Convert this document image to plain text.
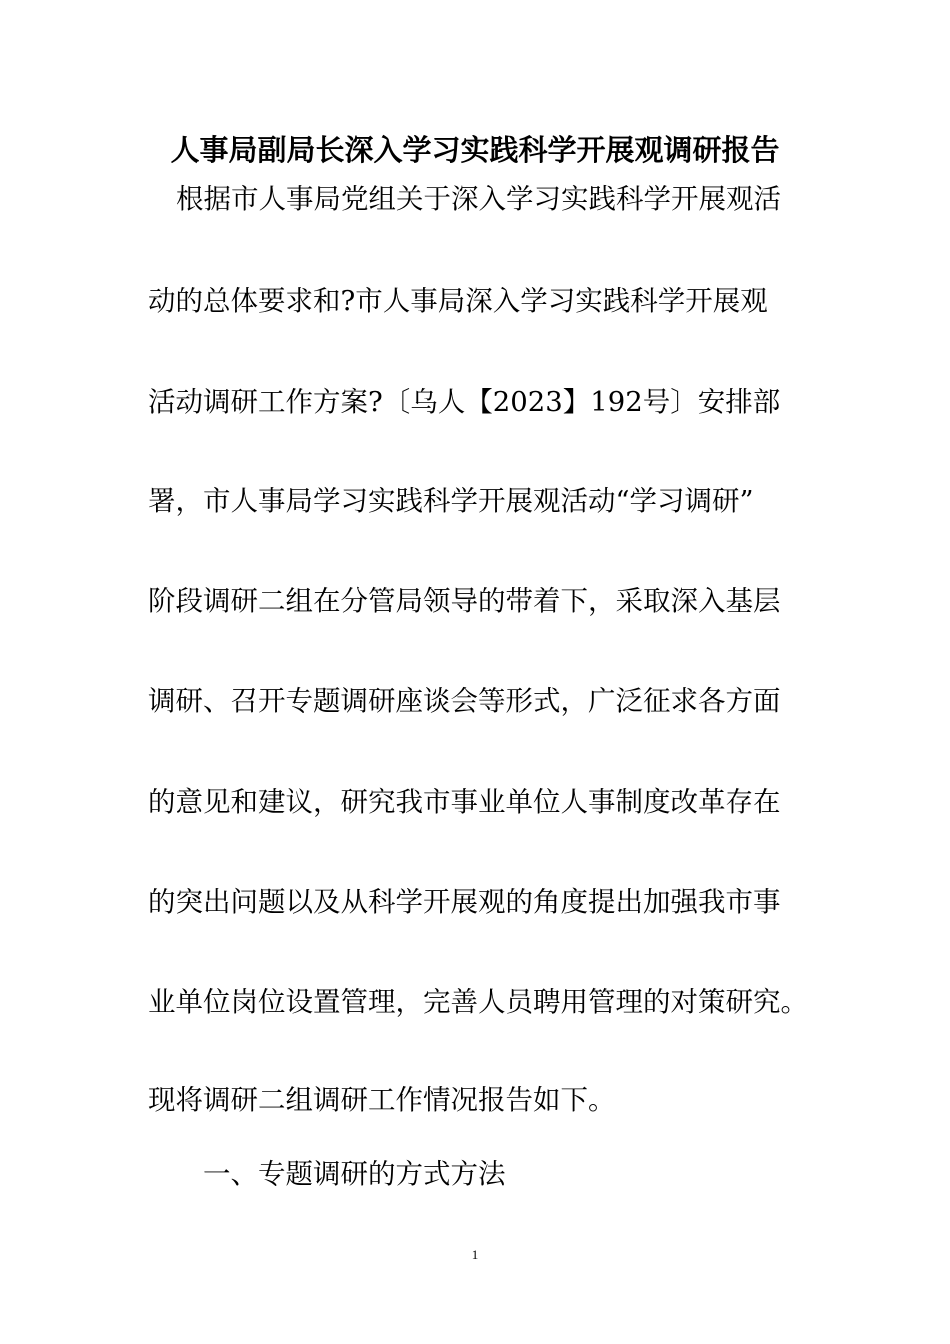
人事局副局长深入学习实践科学开展观调研报告

根据市人事局党组关于深入学习实践科学开展观活

动的总体要求和?市人事局深入学习实践科学开展观

活动调研工作方案?〔乌人【2023】192号〕安排部

署，市人事局学习实践科学开展观活动“学习调研”

阶段调研二组在分管局领导的带着下，采取深入基层

调研、召开专题调研座谈会等形式，广泛征求各方面

的意见和建议，研究我市事业单位人事制度改革存在

的突出问题以及从科学开展观的角度提出加强我市事

业单位岗位设置管理，完善人员聘用管理的对策研究。

现将调研二组调研工作情况报告如下。

一、专题调研的方式方法

1
